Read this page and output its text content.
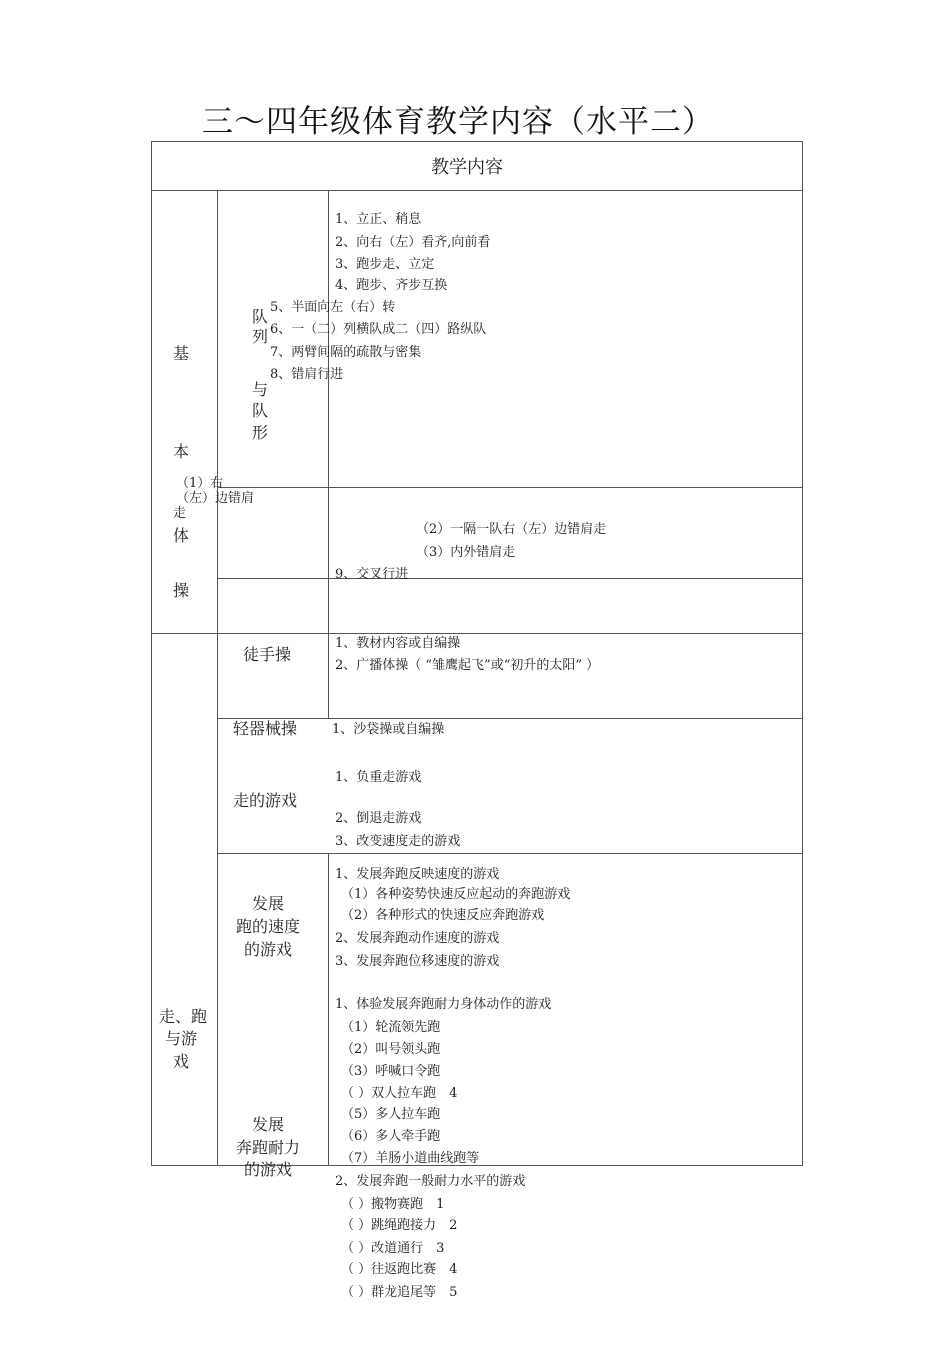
三～四年级体育教学内容（水平二）
教学内容
基
本
体
操
队
列
与
队
形
1、立正、稍息
2、向右（左）看齐,向前看
3、跑步走、立定
4、跑步、齐步互换
5、半面向左（右）转
6、一（二）列横队成二（四）路纵队
7、两臂间隔的疏散与密集
8、错肩行进
（1）右
（左）边错肩
走
（2）一隔一队右（左）边错肩走
（3）内外错肩走
9、交叉行进
走、跑
与游
戏
徒手操
1、教材内容或自编操
2、广播体操（ “雏鹰起飞”或“初升的太阳” ）
轻器械操	1、沙袋操或自编操
走的游戏
1、负重走游戏
2、倒退走游戏
3、改变速度走的游戏
发展
跑的速度
的游戏
1、发展奔跑反映速度的游戏
（1）各种姿势快速反应起动的奔跑游戏
（2）各种形式的快速反应奔跑游戏
2、发展奔跑动作速度的游戏
3、发展奔跑位移速度的游戏
发展
奔跑耐力
的游戏
1、体验发展奔跑耐力身体动作的游戏
（1）轮流领先跑
（2）叫号领头跑
（3）呼喊口令跑
（ ）双人拉车跑　4
（5）多人拉车跑
（6）多人牵手跑
（7）羊肠小道曲线跑等
2、发展奔跑一般耐力水平的游戏
（ ）搬物赛跑　1
（ ）跳绳跑接力　2
（ ）改道通行　3
（ ）往返跑比赛　4
（ ）群龙追尾等　5
